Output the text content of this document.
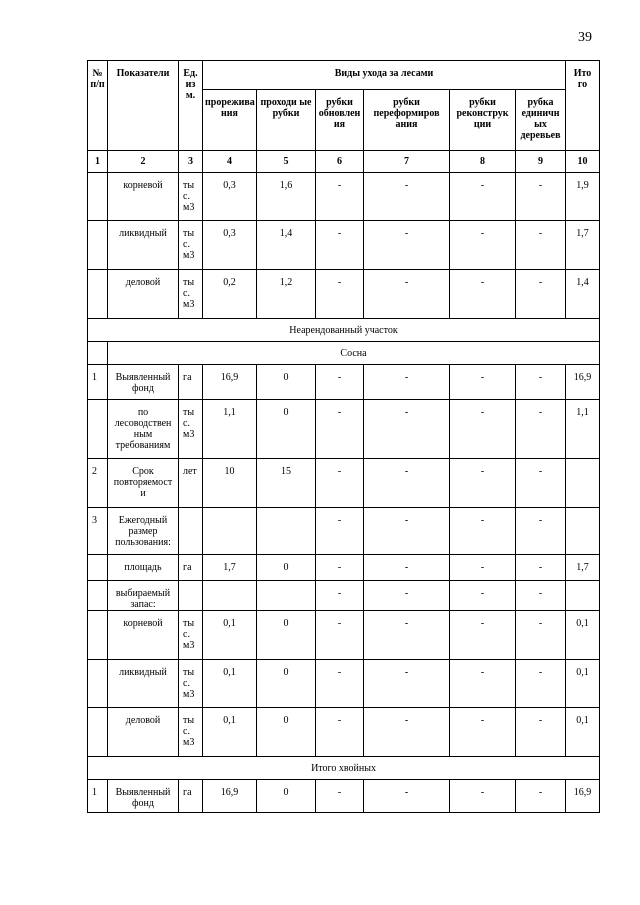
39
№ п/п	Показатели	Ед. из м.	Виды ухода за лесами						Ито го
			прорежива ния	проходи ые рубки	рубки обновлен ия	рубки переформиров ания	рубки реконструк ции	рубка единичн ых деревьев	
1	2	3	4	5	6	7	8	9	10
	корневой	ты с. м3	0,3	1,6	-	-	-	-	1,9
	ликвидный	ты с. м3	0,3	1,4	-	-	-	-	1,7
	деловой	ты с. м3	0,2	1,2	-	-	-	-	1,4
Неарендованный участок									
	Сосна								
1	Выявленный фонд	га	16,9	0	-	-	-	-	16,9
	по лесоводствен ным требованиям	ты с. м3	1,1	0	-	-	-	-	1,1
2	Срок повторяемост и	лет	10	15	-	-	-	-	
3	Ежегодный размер пользования:				-	-	-	-	
	площадь	га	1,7	0	-	-	-	-	1,7
	выбираемый запас:				-	-	-	-	
	корневой	ты с. м3	0,1	0	-	-	-	-	0,1
	ликвидный	ты с. м3	0,1	0	-	-	-	-	0,1
	деловой	ты с. м3	0,1	0	-	-	-	-	0,1
Итого хвойных									
1	Выявленный фонд	га	16,9	0	-	-	-	-	16,9
